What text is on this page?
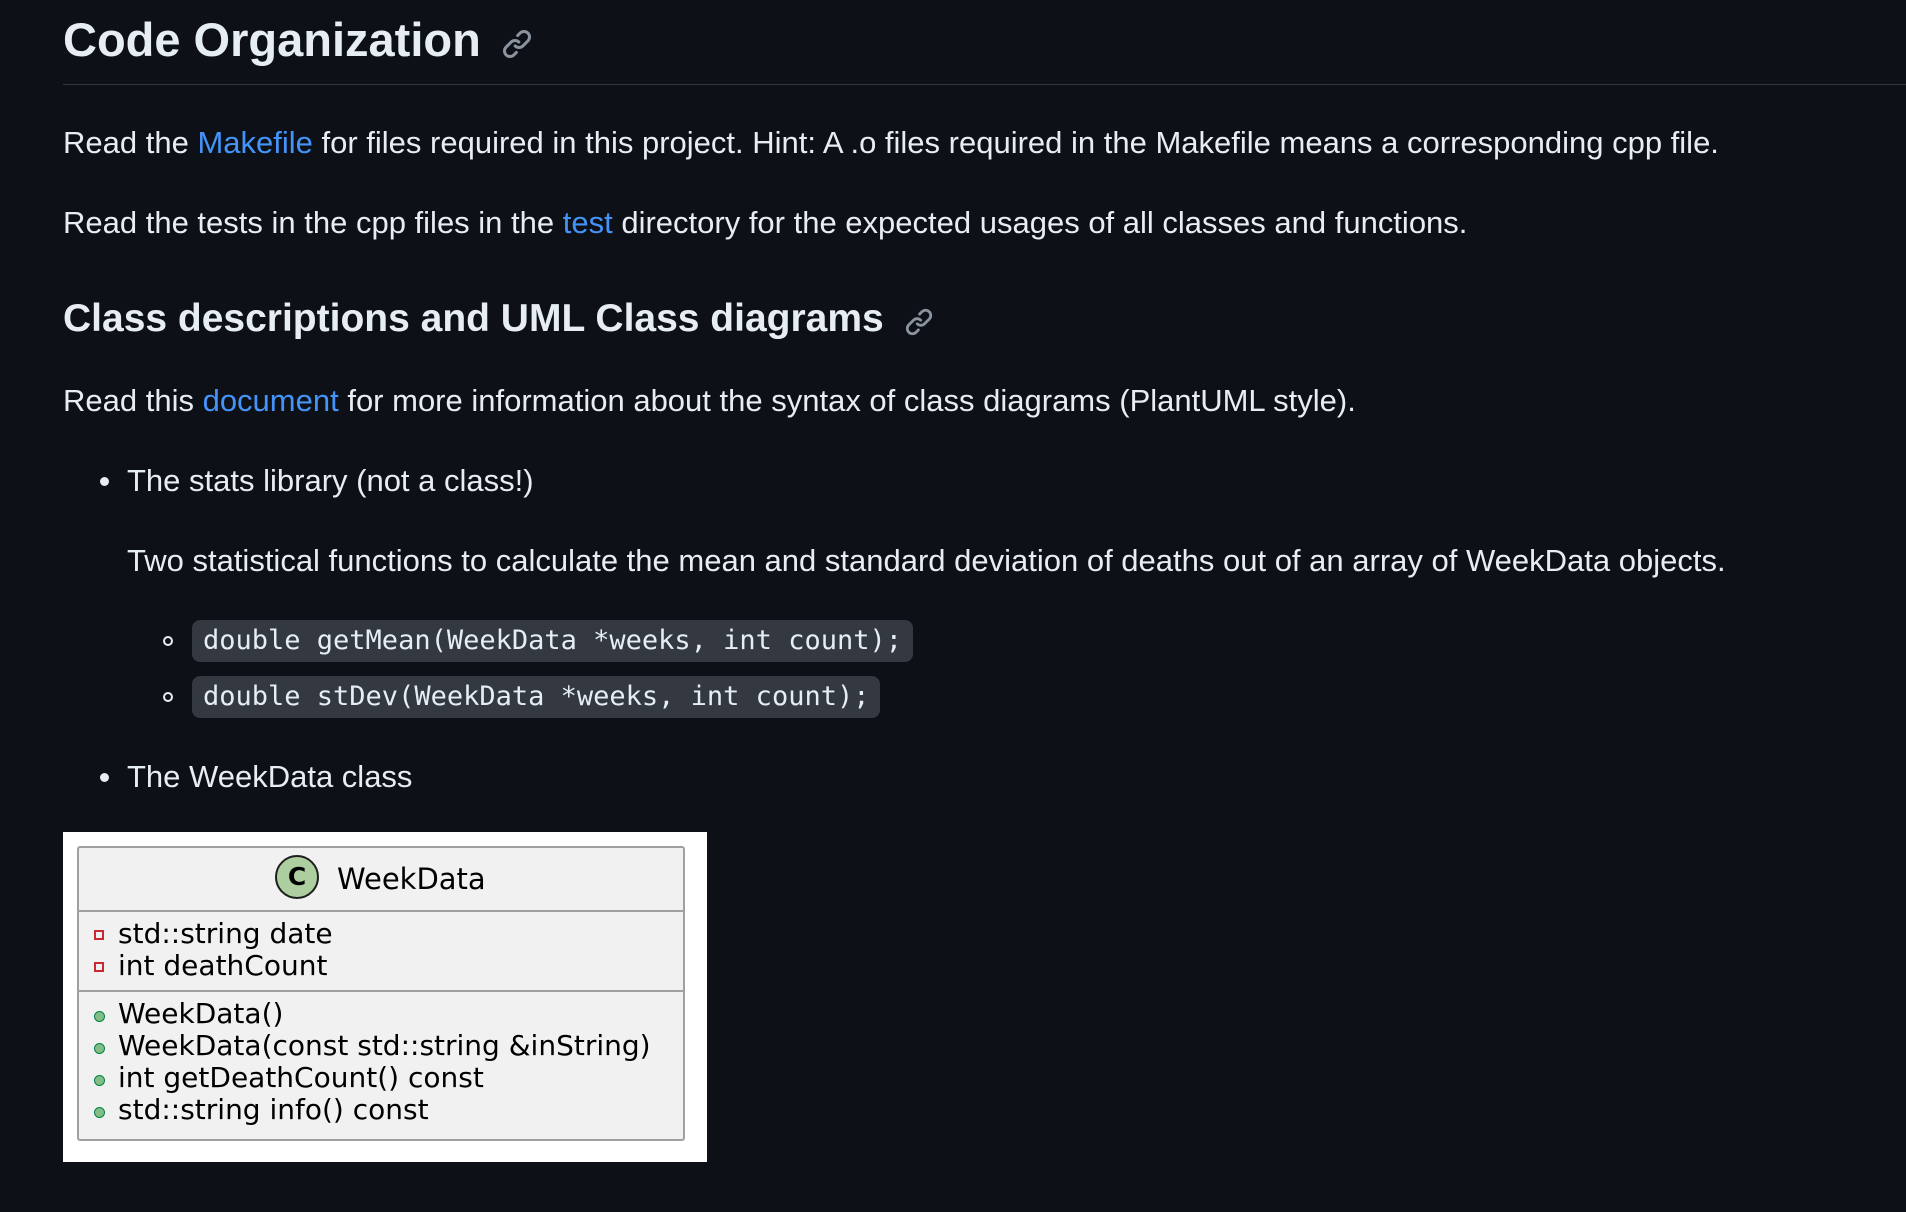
Code Organization
Read the Makefile for files required in this project. Hint: A .o files required in the Makefile means a corresponding cpp file.
Read the tests in the cpp files in the test directory for the expected usages of all classes and functions.
Class descriptions and UML Class diagrams
Read this document for more information about the syntax of class diagrams (PlantUML style).
The stats library (not a class!)
Two statistical functions to calculate the mean and standard deviation of deaths out of an array of WeekData objects.
double getMean(WeekData *weeks, int count);
double stDev(WeekData *weeks, int count);
The WeekData class
C	WeekData
std::string date
int deathCount
WeekData()
WeekData(const std::string &inString)
int getDeathCount() const
std::string info() const
